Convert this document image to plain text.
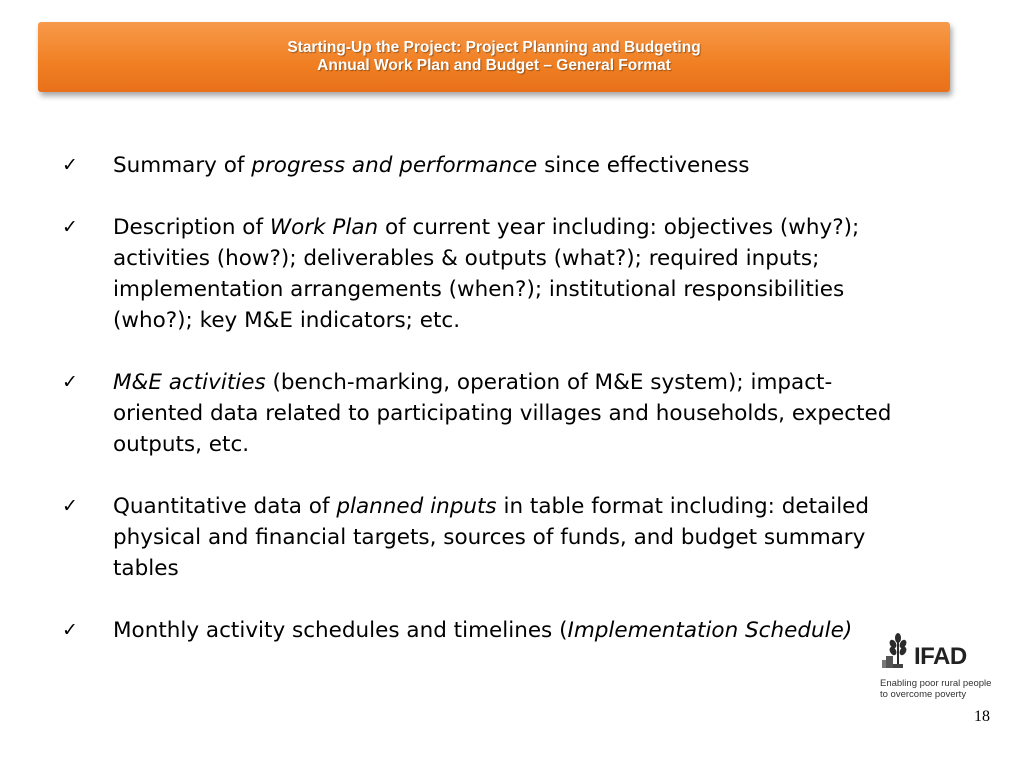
Starting-Up the Project: Project Planning and Budgeting
Annual Work Plan and Budget – General Format
✓ Summary of progress and performance since effectiveness
✓ Description of Work Plan of current year including: objectives (why?); activities (how?); deliverables & outputs (what?); required inputs; implementation arrangements (when?); institutional responsibilities (who?); key M&E indicators; etc.
✓ M&E activities (bench-marking, operation of M&E system); impact-oriented data related to participating villages and households, expected outputs, etc.
✓ Quantitative data of planned inputs in table format including: detailed physical and financial targets, sources of funds, and budget summary tables
✓ Monthly activity schedules and timelines (Implementation Schedule)
IFAD
Enabling poor rural people
to overcome poverty
18
